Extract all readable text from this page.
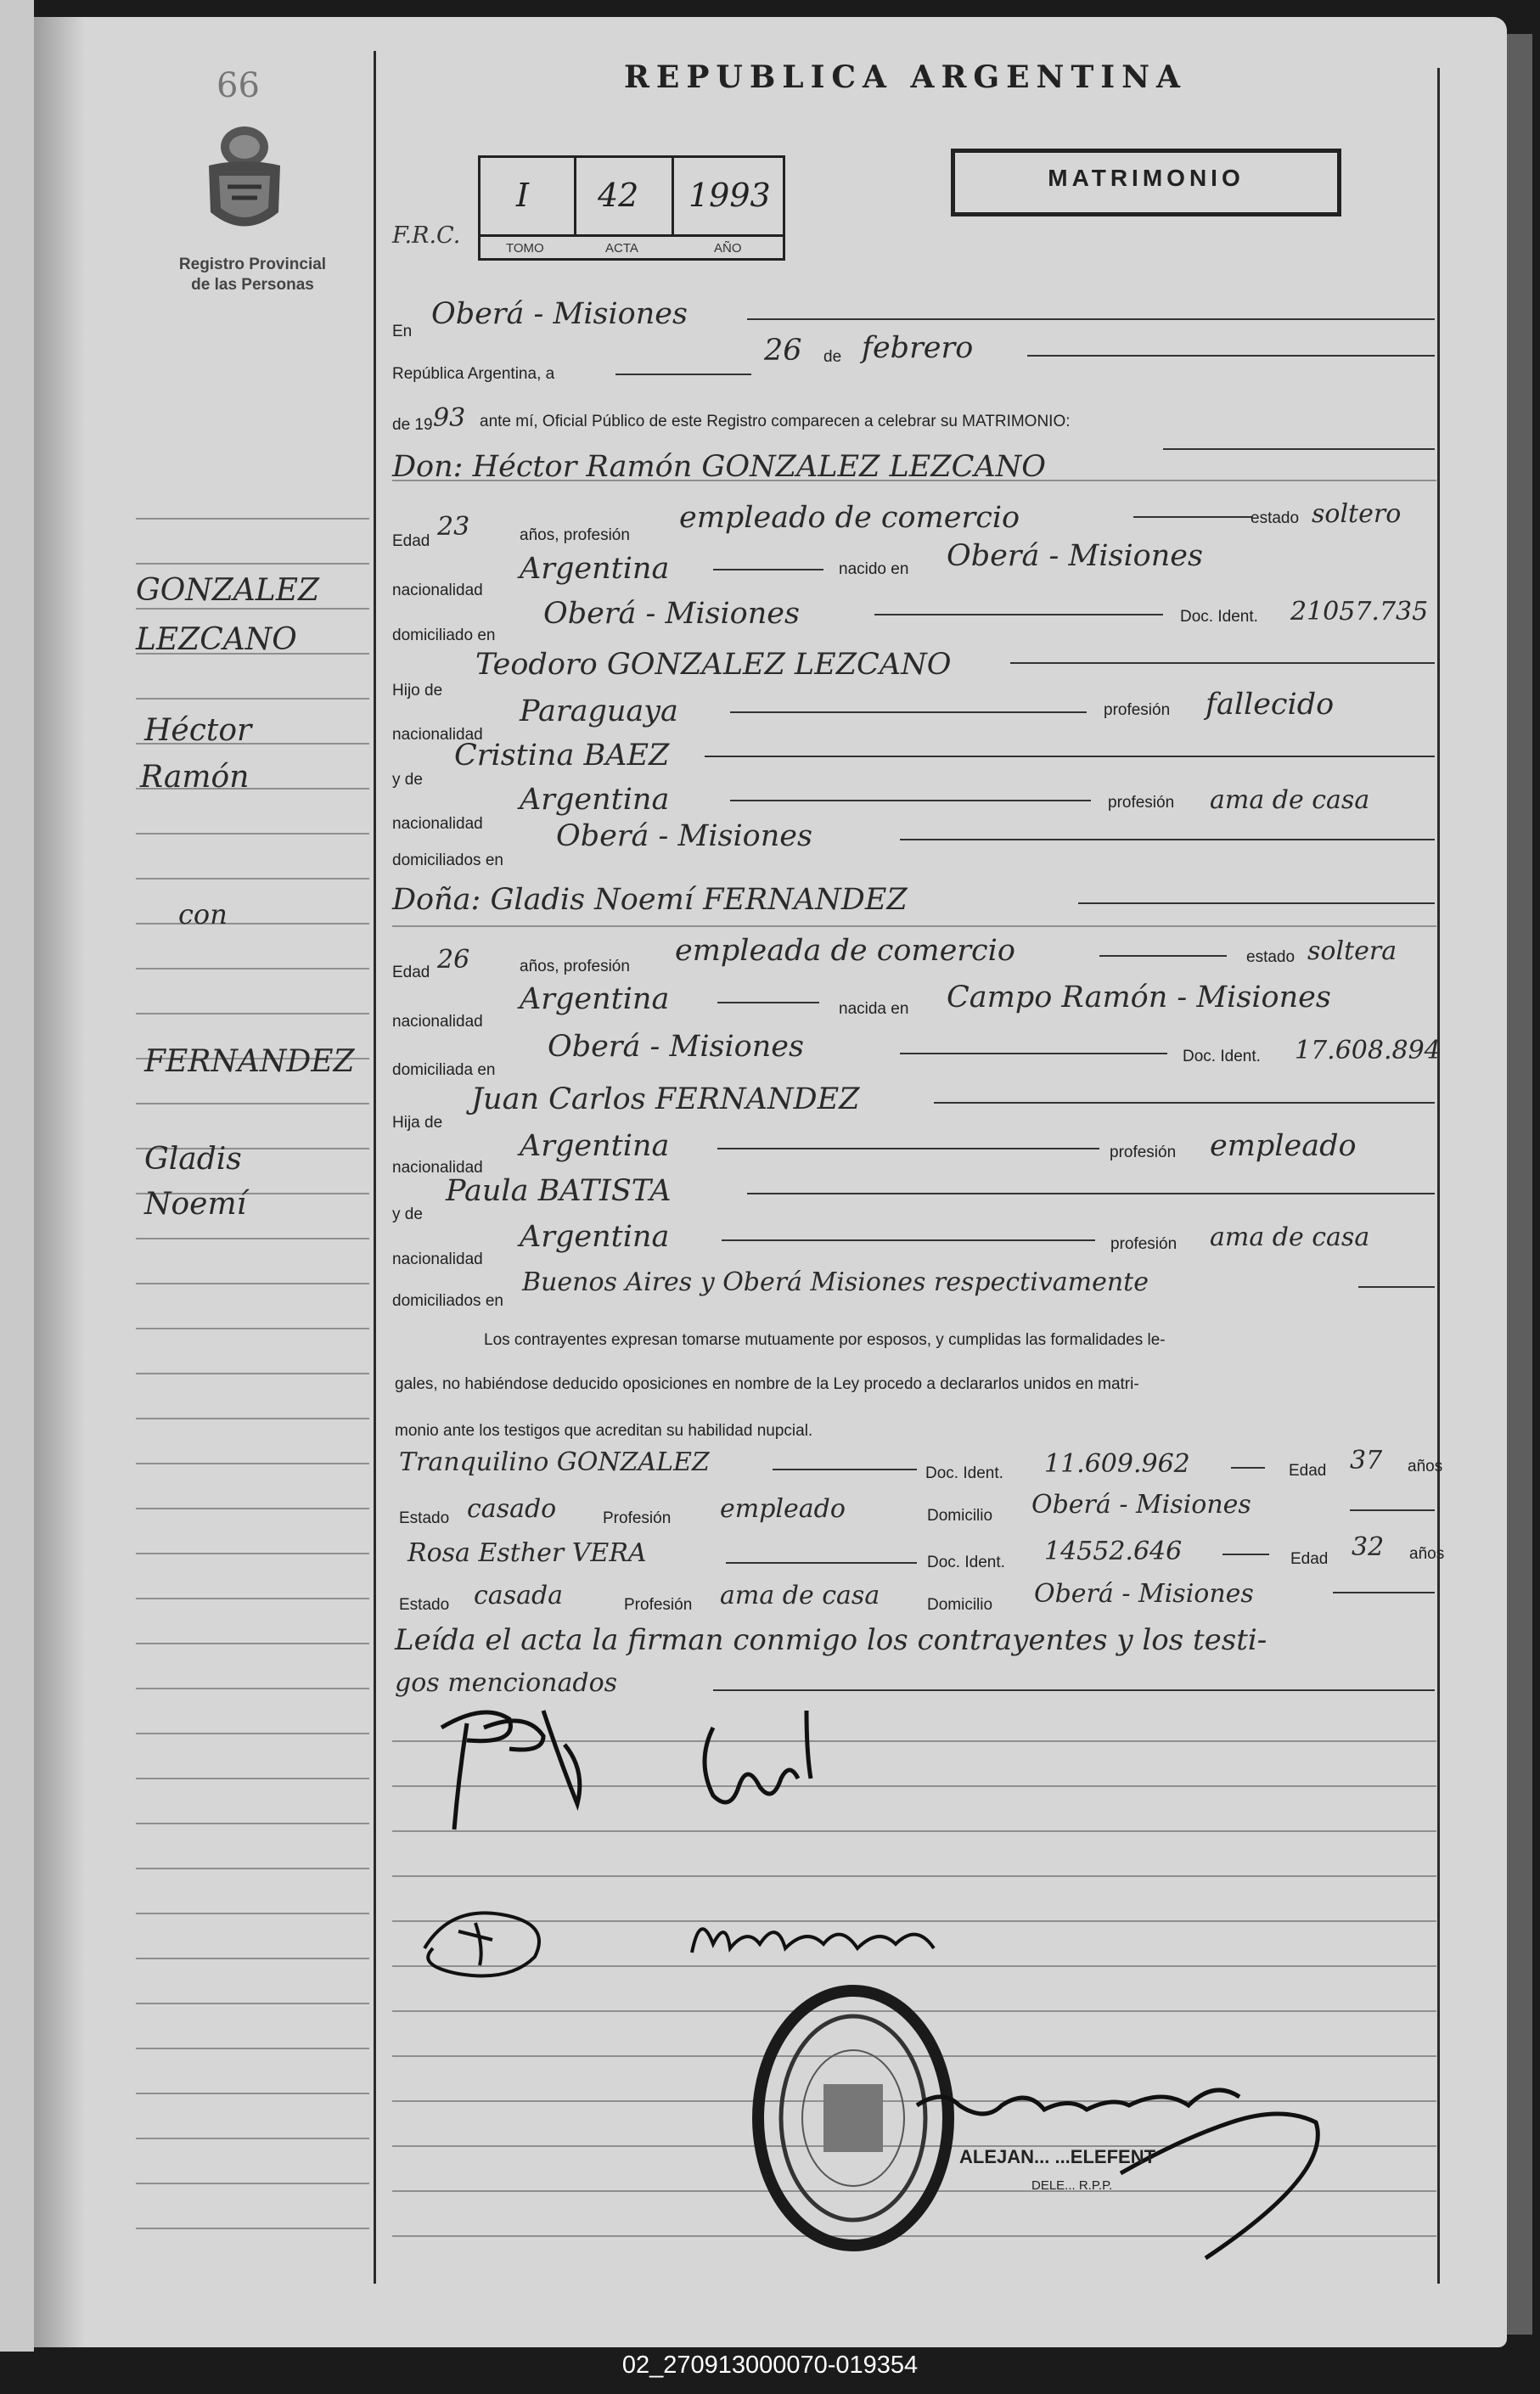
66
Registro Provincial
de las Personas
REPUBLICA ARGENTINA
MATRIMONIO
F.R.C.
I 42 1993
TOMO	ACTA	AÑO
En
Oberá - Misiones
República Argentina, a
26 de febrero
de 19 93 ante mí, Oficial Público de este Registro comparecen a celebrar su MATRIMONIO:
Don: Héctor Ramón GONZALEZ LEZCANO
Edad 23	años, profesión
empleado de comercio	estado soltero
nacionalidad
Argentina	nacido en Oberá - Misiones
domiciliado en
Oberá - Misiones	Doc. Ident. 21057.735
Hijo de
Teodoro GONZALEZ LEZCANO
nacionalidad
Paraguaya	profesión fallecido
y de
Cristina BAEZ
nacionalidad
Argentina	profesión ama de casa
domiciliados en
Oberá - Misiones
Doña: Gladis Noemí FERNANDEZ
Edad 26	años, profesión empleada de comercio	estado soltera
nacionalidad
Argentina	nacida en Campo Ramón - Misiones
domiciliada en
Oberá - Misiones	Doc. Ident. 17.608.894
Hija de
Juan Carlos FERNANDEZ
nacionalidad
Argentina	profesión empleado
y de
Paula BATISTA
nacionalidad
Argentina	profesión ama de casa
domiciliados en
Buenos Aires y Oberá Misiones respectivamente
Los contrayentes expresan tomarse mutuamente por esposos, y cumplidas las formalidades le-
gales, no habiéndose deducido oposiciones en nombre de la Ley procedo a declararlos unidos en matri-
monio ante los testigos que acreditan su habilidad nupcial.
Tranquilino GONZALEZ	Doc. Ident. 11.609.962	Edad 37 años
Estado casado	Profesión empleado	Domicilio Oberá - Misiones
Rosa Esther VERA	Doc. Ident. 14552.646	Edad 32 años
Estado casada	Profesión ama de casa	Domicilio Oberá - Misiones
Leída el acta la firman conmigo los contrayentes y los testi-
gos mencionados
GONZALEZ
LEZCANO
Héctor
Ramón
con
FERNANDEZ
Gladis
Noemí
ALEJAN... ...ELEFENT
DELE... R.P.P.
02_270913000070-019354
